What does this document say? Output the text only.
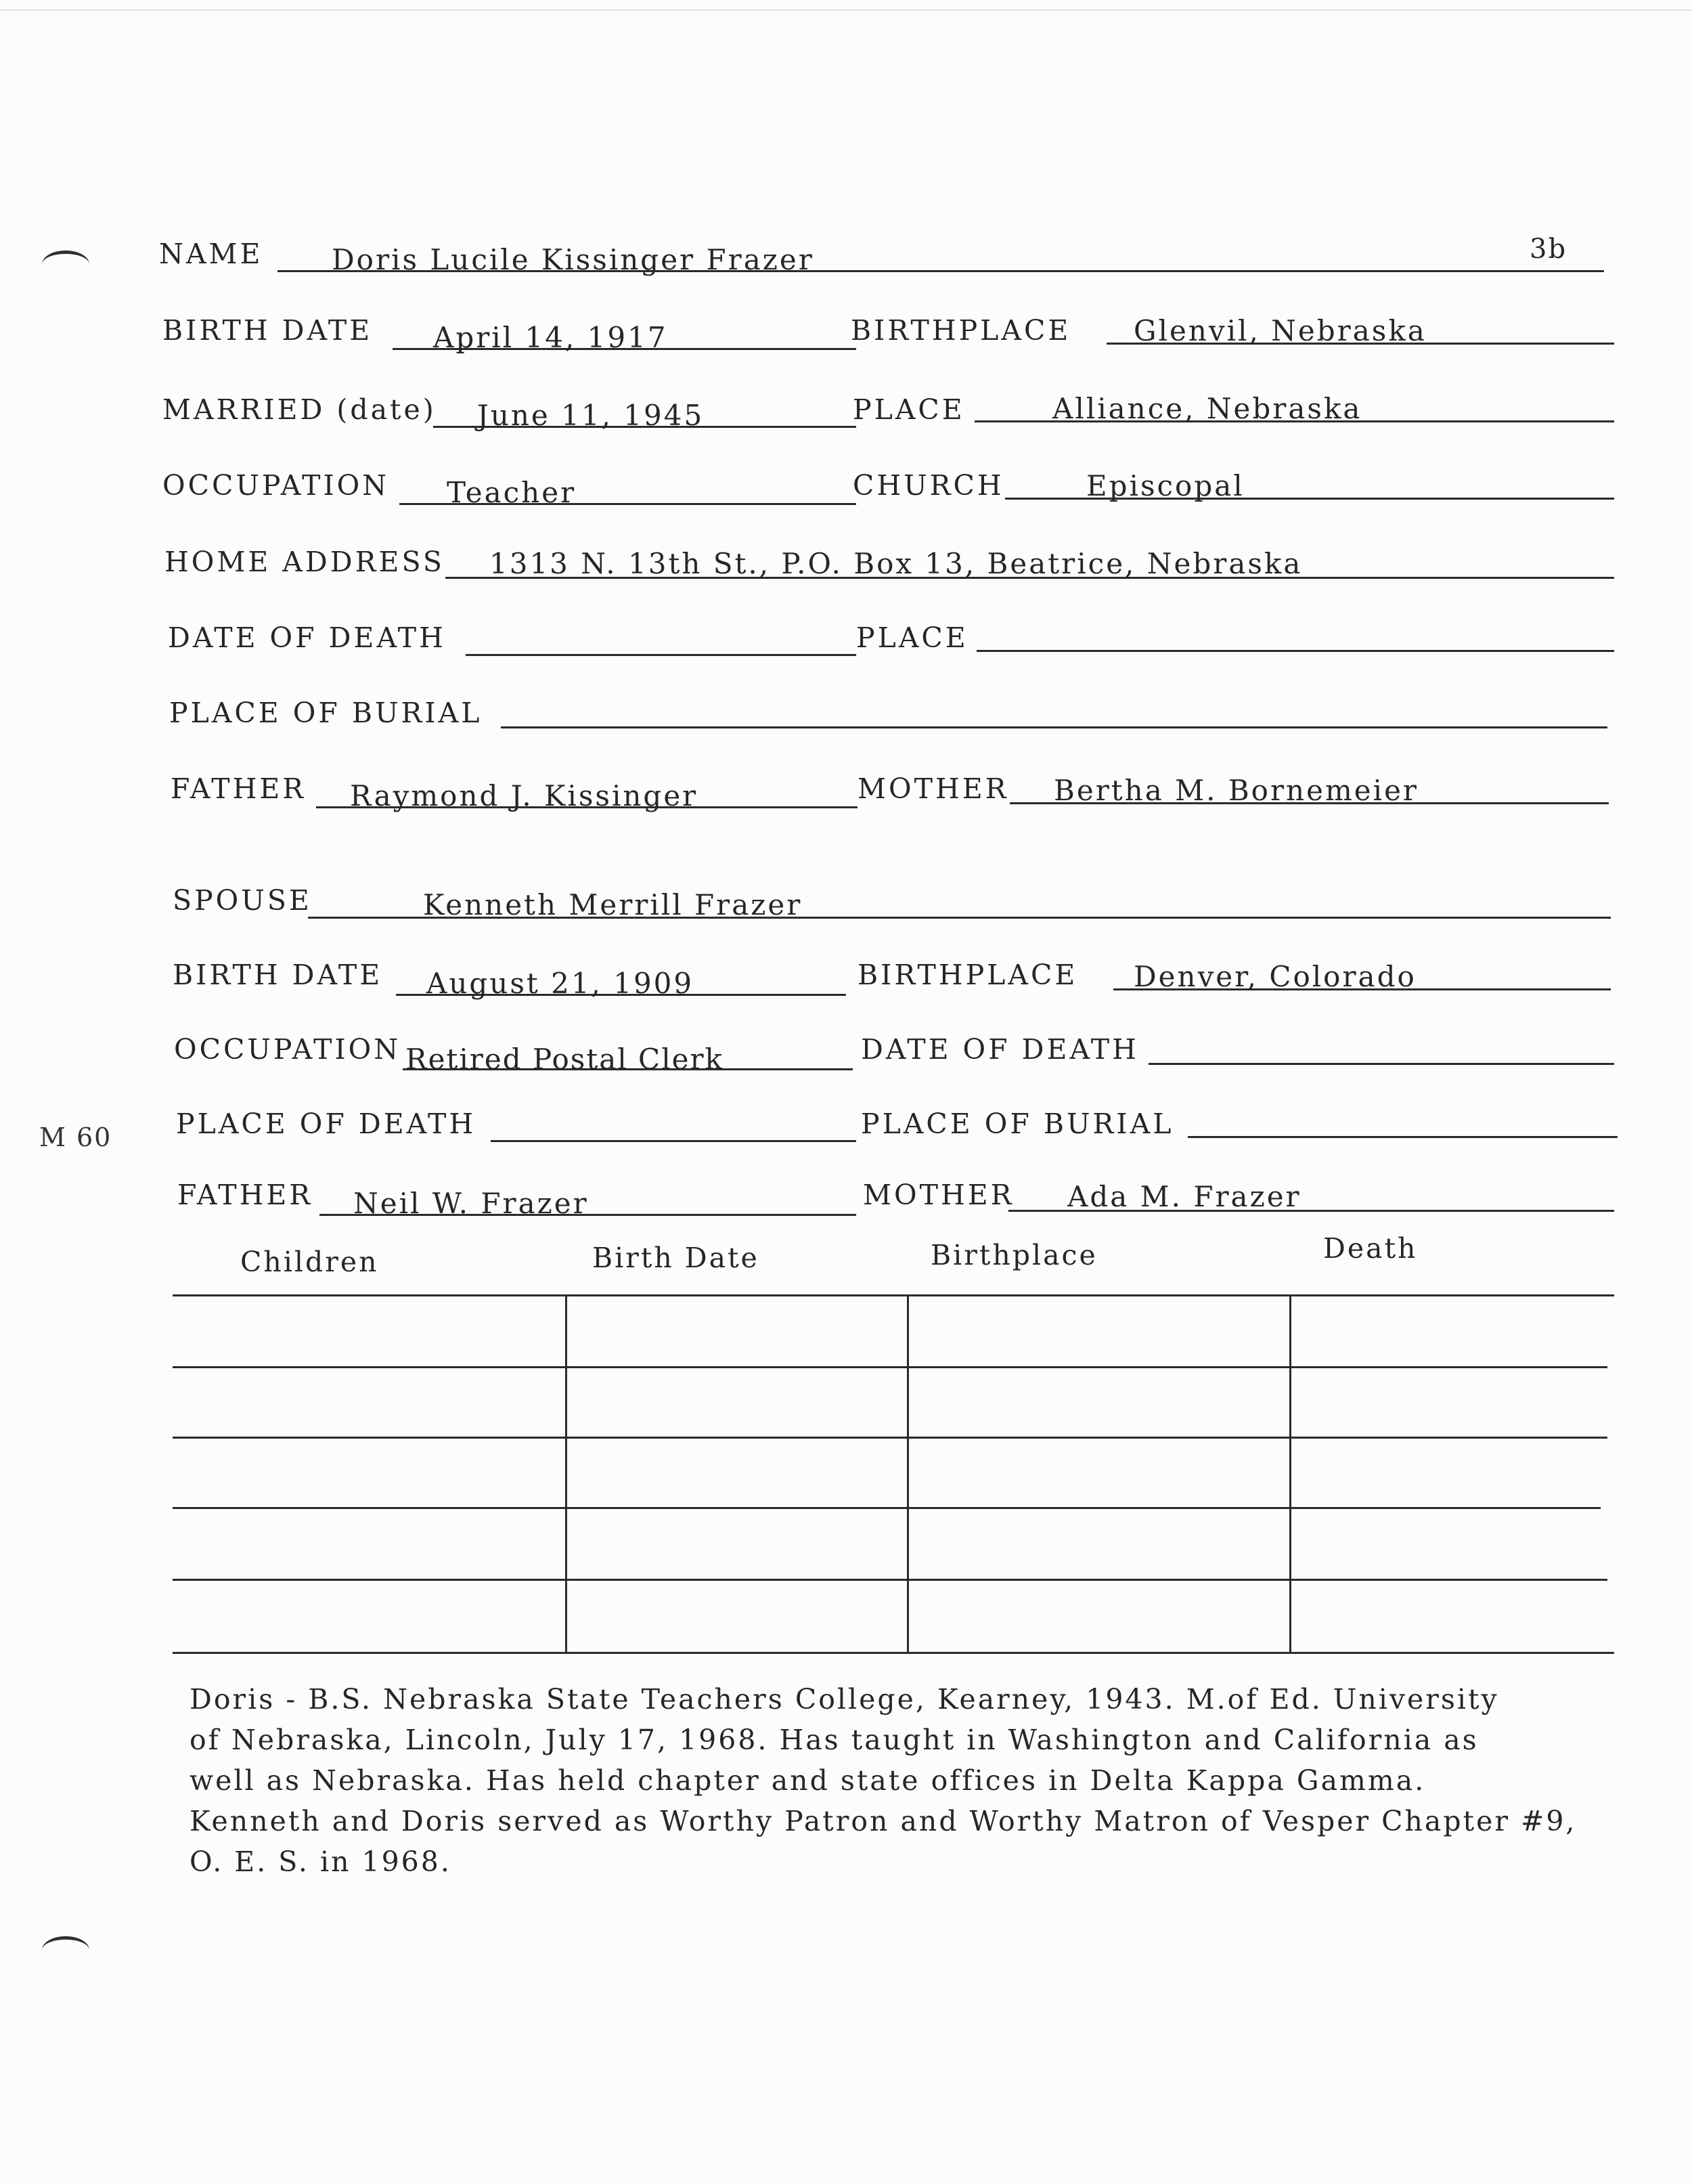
M 60
NAME Doris Lucile Kissinger Frazer	3b
BIRTH DATE April 14, 1917	BIRTHPLACE Glenvil, Nebraska
MARRIED (date) June 11, 1945	PLACE	Alliance, Nebraska
OCCUPATION Teacher	CHURCH	Episcopal
HOME ADDRESS 1313 N. 13th St., P.O. Box 13, Beatrice, Nebraska
DATE OF DEATH	PLACE
PLACE OF BURIAL
FATHER Raymond J. Kissinger	MOTHER Bertha M. Bornemeier
SPOUSE	Kenneth Merrill Frazer
BIRTH DATE August 21, 1909	BIRTHPLACE Denver, Colorado
OCCUPATION Retired Postal Clerk	DATE OF DEATH
PLACE OF DEATH	PLACE OF BURIAL
FATHER Neil W. Frazer	MOTHER Ada M. Frazer
Children	Birth Date	Birthplace	Death
Doris - B.S. Nebraska State Teachers College, Kearney, 1943. M.of Ed. University
of Nebraska, Lincoln, July 17, 1968. Has taught in Washington and California as
well as Nebraska. Has held chapter and state offices in Delta Kappa Gamma.
Kenneth and Doris served as Worthy Patron and Worthy Matron of Vesper Chapter #9,
O. E. S. in 1968.
